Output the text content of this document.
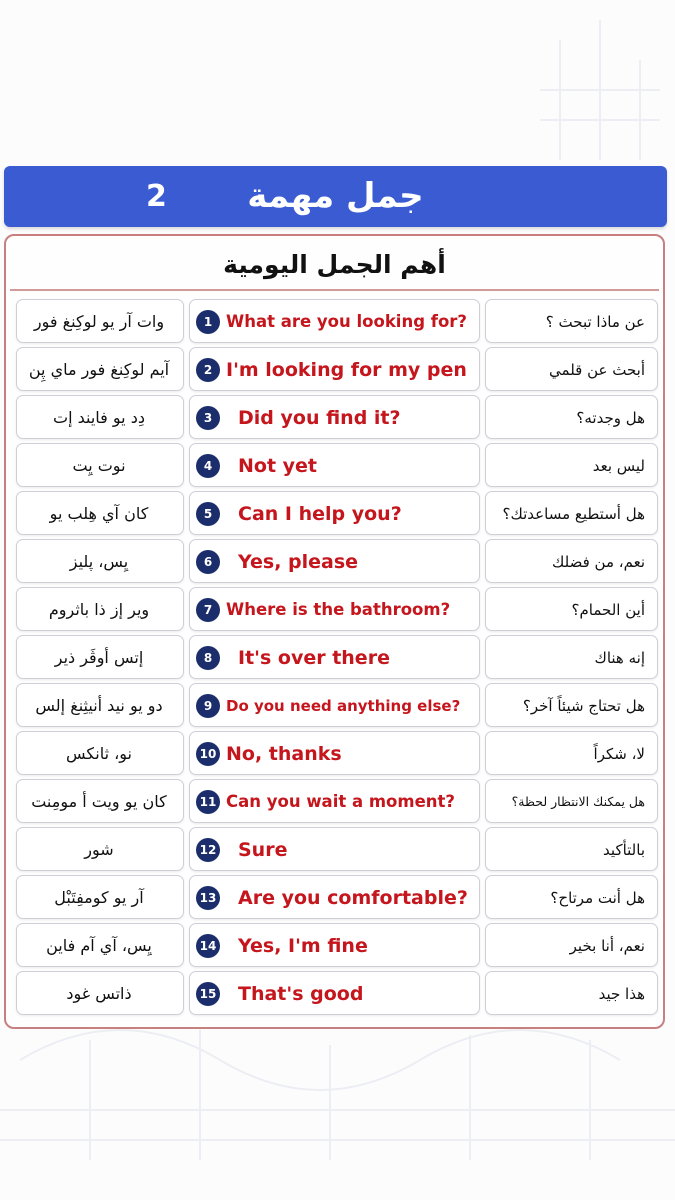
جمل مهمة
2
أهم الجمل اليومية
وات آر يو لوكِنغ فور	1 What are you looking for?	عن ماذا تبحث ؟
آيم لوكِنغ فور ماي پِن	2 I'm looking for my pen	أبحث عن قلمي
دِد يو فايند إت	3	Did you find it?	هل وجدته؟
نوت يِت	4	Not yet	ليس بعد
كان آي هِلب يو	5	Can I help you?	هل أستطيع مساعدتك؟
يِس، پليز	6	Yes, please	نعم، من فضلك
وير إز ذا باثروم	7 Where is the bathroom?	أين الحمام؟
إتس أوڤَر ذير	8	It's over there	إنه هناك
دو يو نيد أنيثِنغ إلس	9 Do you need anything else?	هل تحتاج شيئاً آخر؟
نو، ثانكس	10 No, thanks	لا، شكراً
كان يو ويت أ مومِنت	11 Can you wait a moment?	هل يمكنك الانتظار لحظة؟
شور	12	Sure	بالتأكيد
آر يو كومفِتَبْل	13	Are you comfortable?	هل أنت مرتاح؟
يِس، آي آم فاين	14	Yes, I'm fine	نعم، أنا بخير
ذاتس غود	15	That's good	هذا جيد
